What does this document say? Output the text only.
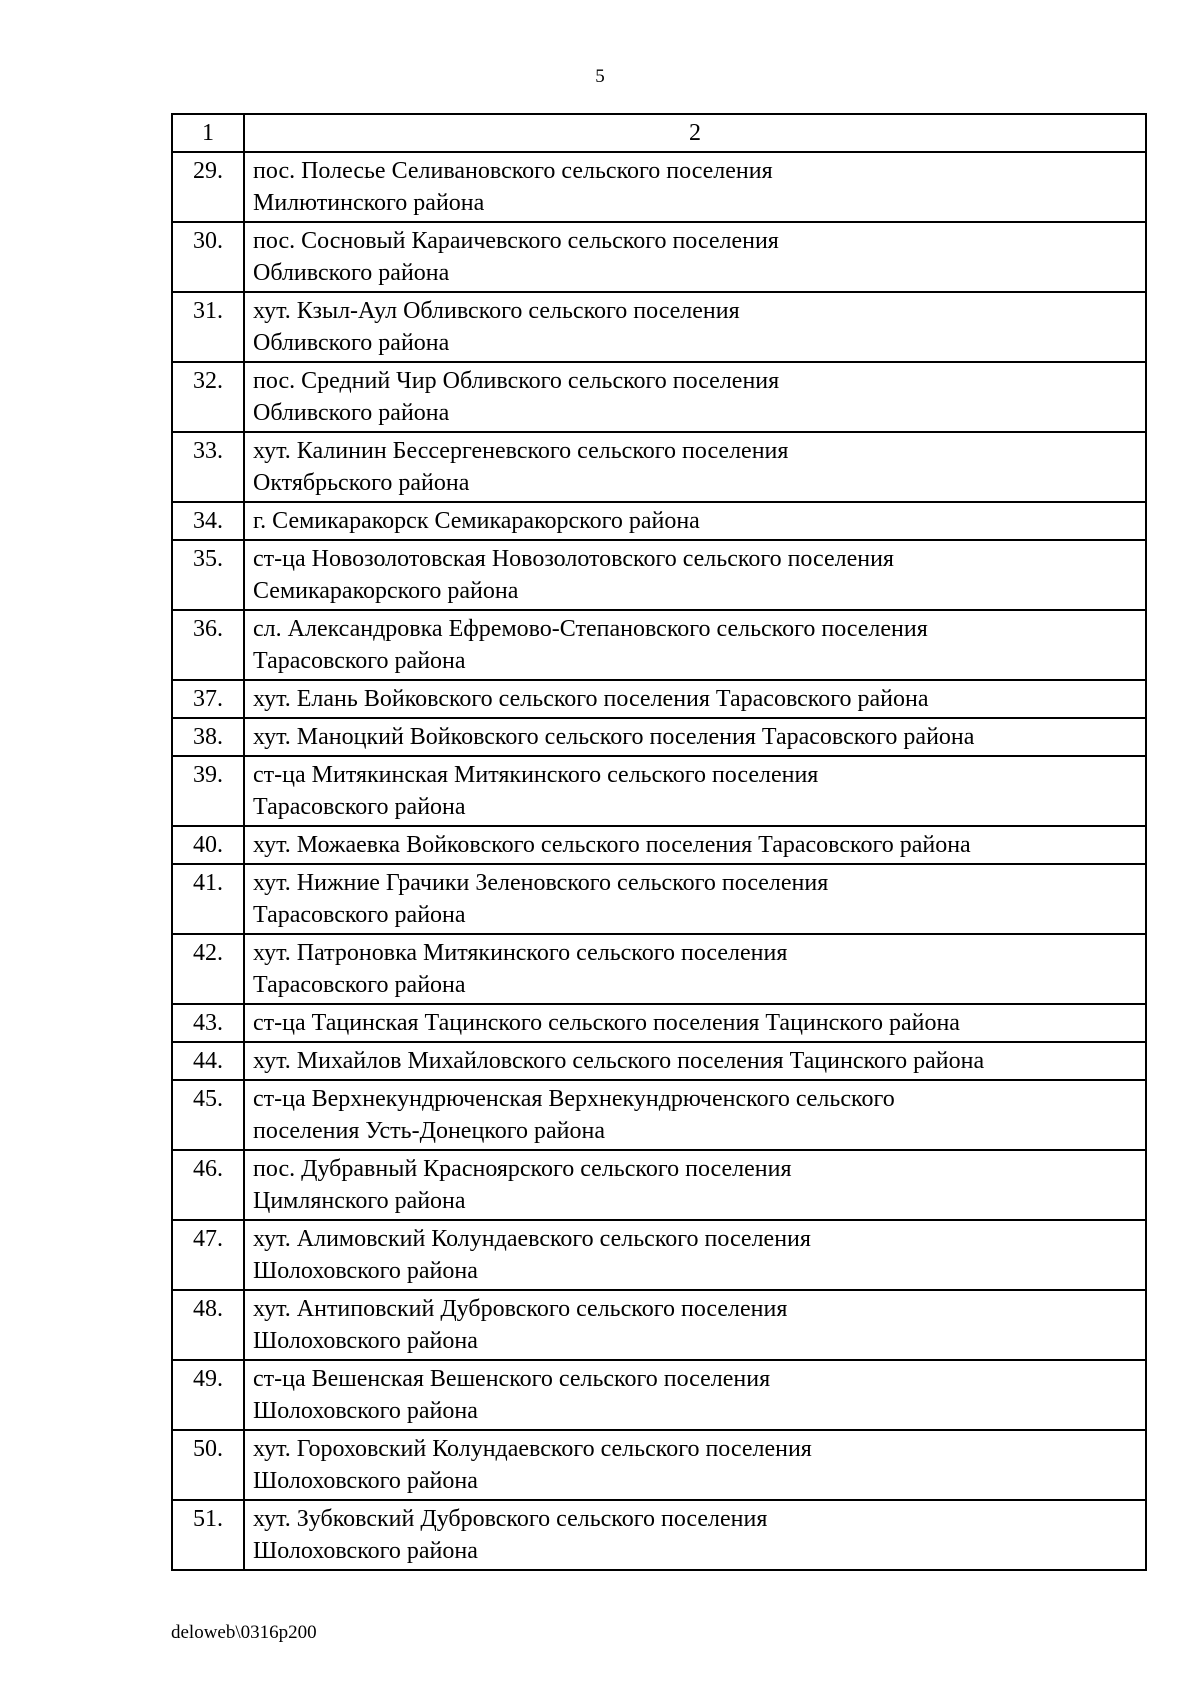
5
1	2
29.	пос. Полесье Селивановского сельского поселения
Милютинского района

30.	пос. Сосновый Караичевского сельского поселения
Обливского района

31.	хут. Кзыл-Аул Обливского сельского поселения
Обливского района

32.	пос. Средний Чир Обливского сельского поселения
Обливского района

33.	хут. Калинин Бессергеневского сельского поселения
Октябрьского района

34.	г. Семикаракорск Семикаракорского района

35.	ст-ца Новозолотовская Новозолотовского сельского поселения
Семикаракорского района

36.	сл. Александровка Ефремово-Степановского сельского поселения
Тарасовского района

37.	хут. Елань Войковского сельского поселения Тарасовского района

38.	хут. Маноцкий Войковского сельского поселения Тарасовского района

39.	ст-ца Митякинская Митякинского сельского поселения
Тарасовского района

40.	хут. Можаевка Войковского сельского поселения Тарасовского района

41.	хут. Нижние Грачики Зеленовского сельского поселения
Тарасовского района

42.	хут. Патроновка Митякинского сельского поселения
Тарасовского района

43.	ст-ца Тацинская Тацинского сельского поселения Тацинского района

44.	хут. Михайлов Михайловского сельского поселения Тацинского района

45.	ст-ца Верхнекундрюченская Верхнекундрюченского сельского
поселения Усть-Донецкого района

46.	пос. Дубравный Красноярского сельского поселения
Цимлянского района

47.	хут. Алимовский Колундаевского сельского поселения
Шолоховского района

48.	хут. Антиповский Дубровского сельского поселения
Шолоховского района

49.	ст-ца Вешенская Вешенского сельского поселения
Шолоховского района

50.	хут. Гороховский Колундаевского сельского поселения
Шолоховского района

51.	хут. Зубковский Дубровского сельского поселения
Шолоховского района
deloweb\0316p200
